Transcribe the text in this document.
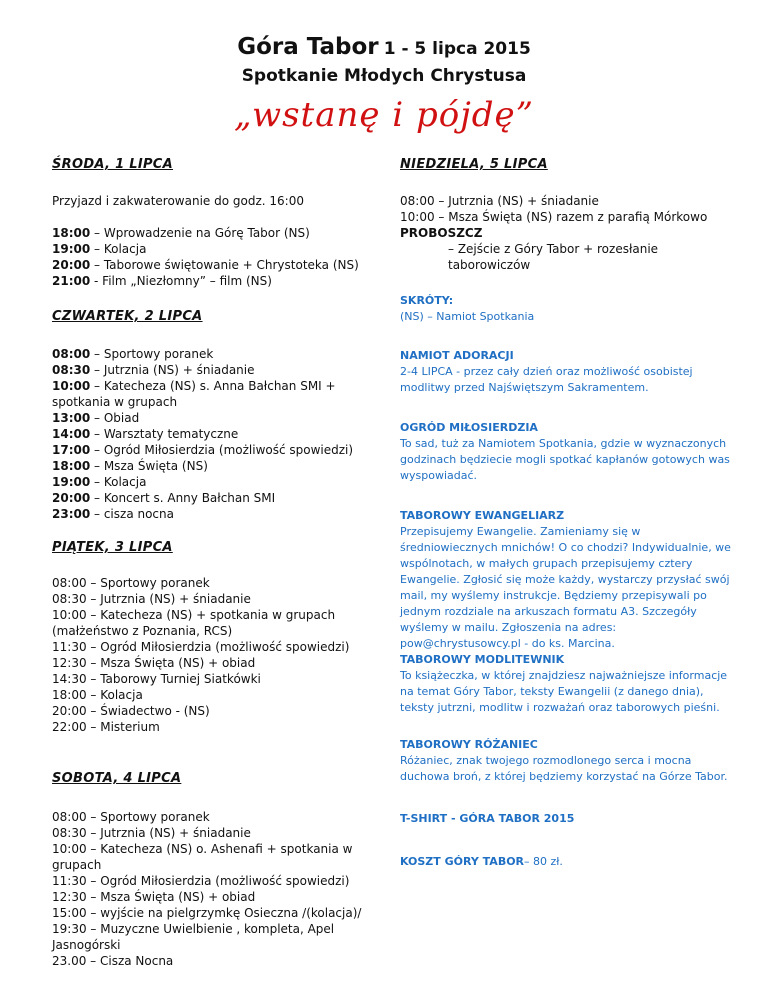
Góra Tabor 1 - 5 lipca 2015
Spotkanie Młodych Chrystusa
„wstanę i pójdę”
ŚRODA, 1 LIPCA
Przyjazd i zakwaterowanie do godz. 16:00
18:00 – Wprowadzenie na Górę Tabor (NS)
19:00 – Kolacja
20:00 – Taborowe świętowanie + Chrystoteka (NS)
21:00 - Film „Niezłomny” – film (NS)
CZWARTEK, 2 LIPCA
08:00 – Sportowy poranek
08:30 – Jutrznia (NS) + śniadanie
10:00 – Katecheza (NS) s. Anna Bałchan SMI + spotkania w grupach
13:00 – Obiad
14:00 – Warsztaty tematyczne
17:00 – Ogród Miłosierdzia (możliwość spowiedzi)
18:00 – Msza Święta (NS)
19:00 – Kolacja
20:00 – Koncert s. Anny Bałchan SMI
23:00 – cisza nocna
PIĄTEK, 3 LIPCA
08:00 – Sportowy poranek
08:30 – Jutrznia (NS) + śniadanie
10:00 – Katecheza (NS) + spotkania w grupach (małżeństwo z Poznania, RCS)
11:30 – Ogród Miłosierdzia (możliwość spowiedzi)
12:30 – Msza Święta (NS) + obiad
14:30 – Taborowy Turniej Siatkówki
18:00 – Kolacja
20:00 – Świadectwo - (NS)
22:00 – Misterium
SOBOTA, 4 LIPCA
08:00 – Sportowy poranek
08:30 – Jutrznia (NS) + śniadanie
10:00 – Katecheza (NS) o. Ashenafi + spotkania w grupach
11:30 – Ogród Miłosierdzia (możliwość spowiedzi)
12:30 – Msza Święta (NS) + obiad
15:00 – wyjście na pielgrzymkę Osieczna /(kolacja)/
19:30 – Muzyczne Uwielbienie , kompleta, Apel Jasnogórski
23.00 – Cisza Nocna
NIEDZIELA, 5 LIPCA
08:00 – Jutrznia (NS) + śniadanie
10:00 – Msza Święta (NS) razem z parafią Mórkowo
PROBOSZCZ
– Zejście z Góry Tabor + rozesłanie taborowiczów
SKRÓTY:
(NS) – Namiot Spotkania
NAMIOT ADORACJI
2-4 LIPCA - przez cały dzień oraz możliwość osobistej modlitwy przed Najświętszym Sakramentem.
OGRÓD MIŁOSIERDZIA
To sad, tuż za Namiotem Spotkania, gdzie w wyznaczonych godzinach będziecie mogli spotkać kapłanów gotowych was wyspowiadać.
TABOROWY EWANGELIARZ
Przepisujemy Ewangelie. Zamieniamy się w średniowiecznych mnichów! O co chodzi? Indywidualnie, we wspólnotach, w małych grupach przepisujemy cztery Ewangelie. Zgłosić się może każdy, wystarczy przysłać swój mail, my wyślemy instrukcje. Będziemy przepisywali po jednym rozdziale na arkuszach formatu A3. Szczegóły wyślemy w mailu. Zgłoszenia na adres: pow@chrystusowcy.pl - do ks. Marcina.
TABOROWY MODLITEWNIK
To książeczka, w której znajdziesz najważniejsze informacje na temat Góry Tabor, teksty Ewangelii (z danego dnia), teksty jutrzni, modlitw i rozważań oraz taborowych pieśni.
TABOROWY RÓŻANIEC
Różaniec, znak twojego rozmodlonego serca i mocna duchowa broń, z której będziemy korzystać na Górze Tabor.
T-SHIRT - GÓRA TABOR 2015
KOSZT GÓRY TABOR– 80 zł.
